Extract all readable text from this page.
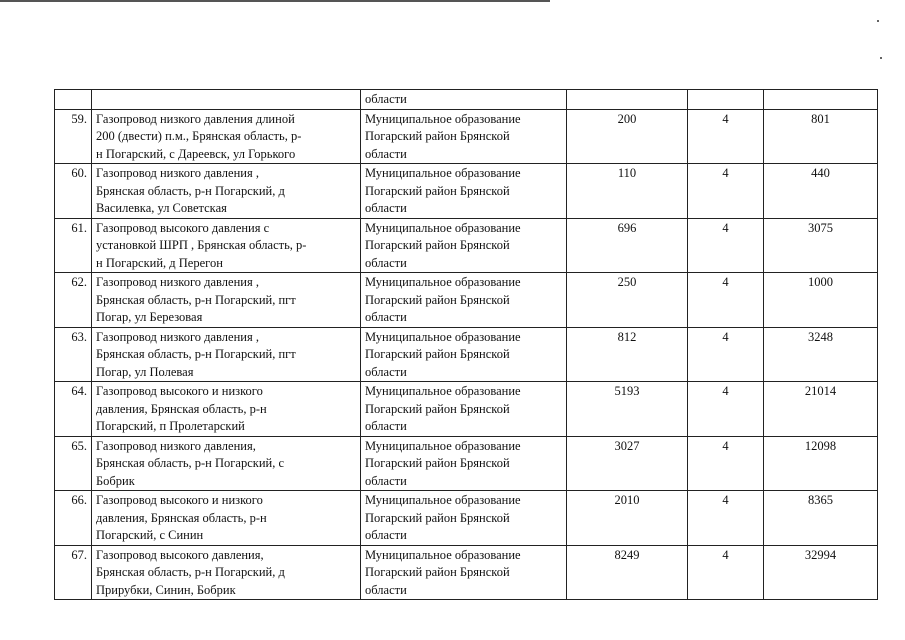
		области			
59.	Газопровод низкого давления длиной
200 (двести) п.м., Брянская область, р-
н Погарский, с Дареевск, ул Горького	Муниципальное образование
Погарский район Брянской
области	200	4	801
60.	Газопровод низкого давления ,
Брянская область, р-н Погарский, д
Василевка, ул Советская	Муниципальное образование
Погарский район Брянской
области	110	4	440
61.	Газопровод высокого давления с
установкой ШРП , Брянская область, р-
н Погарский, д Перегон	Муниципальное образование
Погарский район Брянской
области	696	4	3075
62.	Газопровод низкого давления ,
Брянская область, р-н Погарский, пгт
Погар, ул Березовая	Муниципальное образование
Погарский район Брянской
области	250	4	1000
63.	Газопровод низкого давления ,
Брянская область, р-н Погарский, пгт
Погар, ул Полевая	Муниципальное образование
Погарский район Брянской
области	812	4	3248
64.	Газопровод высокого и низкого
давления, Брянская область, р-н
Погарский, п Пролетарский	Муниципальное образование
Погарский район Брянской
области	5193	4	21014
65.	Газопровод низкого давления,
Брянская область, р-н Погарский, с
Бобрик	Муниципальное образование
Погарский район Брянской
области	3027	4	12098
66.	Газопровод высокого и низкого
давления, Брянская область, р-н
Погарский, с Синин	Муниципальное образование
Погарский район Брянской
области	2010	4	8365
67.	Газопровод высокого давления,
Брянская область, р-н Погарский, д
Прирубки, Синин, Бобрик	Муниципальное образование
Погарский район Брянской
области	8249	4	32994
